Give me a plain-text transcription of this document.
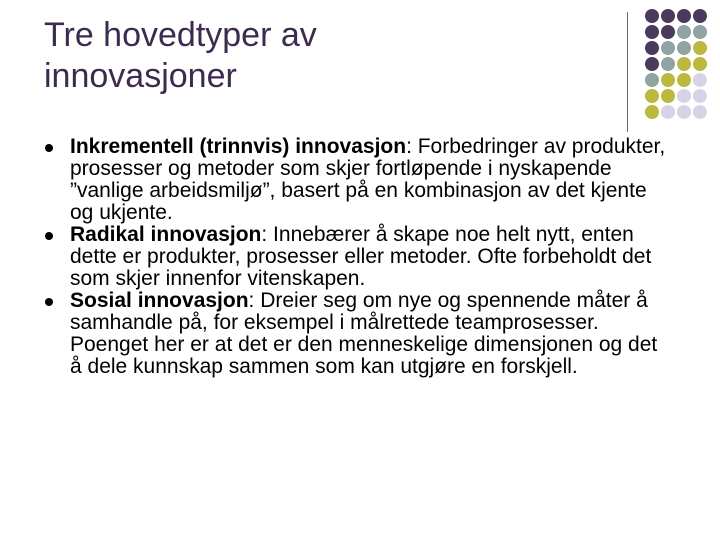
Tre hovedtyper av
innovasjoner
Inkrementell (trinnvis) innovasjon: Forbedringer av produkter, prosesser og metoder som skjer fortløpende i nyskapende ”vanlige arbeidsmiljø”, basert på en kombinasjon av det kjente og ukjente.
Radikal innovasjon: Innebærer å skape noe helt nytt, enten dette er produkter, prosesser eller metoder. Ofte forbeholdt det som skjer innenfor vitenskapen.
Sosial innovasjon: Dreier seg om nye og spennende måter å samhandle på, for eksempel i målrettede teamprosesser. Poenget her er at det er den menneskelige dimensjonen og det å dele kunnskap sammen som kan utgjøre en forskjell.
